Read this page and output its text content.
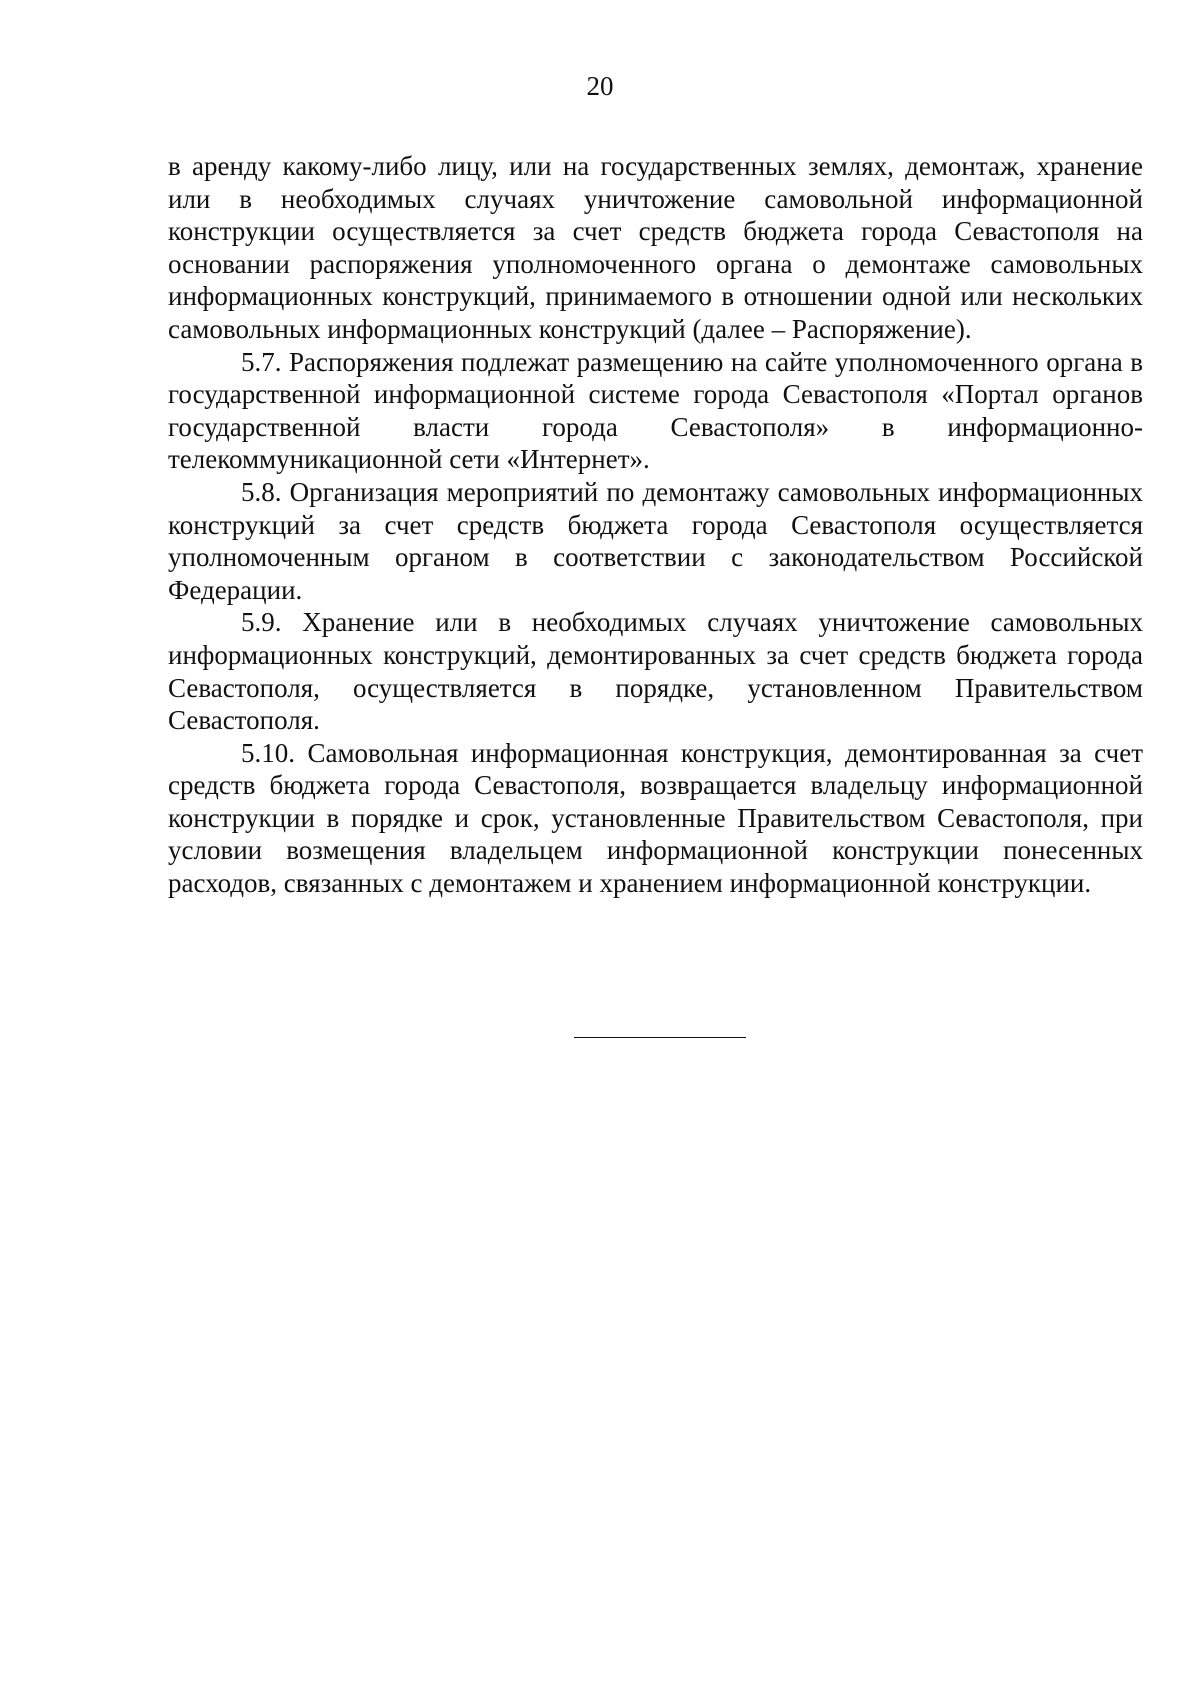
20

в аренду какому-либо лицу, или на государственных землях, демонтаж, хранение или в необходимых случаях уничтожение самовольной информационной конструкции осуществляется за счет средств бюджета города Севастополя на основании распоряжения уполномоченного органа о демонтаже самовольных информационных конструкций, принимаемого в отношении одной или нескольких самовольных информационных конструкций (далее – Распоряжение).

5.7. Распоряжения подлежат размещению на сайте уполномоченного органа в государственной информационной системе города Севастополя «Портал органов государственной власти города Севастополя» в информационно-телекоммуникационной сети «Интернет».

5.8. Организация мероприятий по демонтажу самовольных информационных конструкций за счет средств бюджета города Севастополя осуществляется уполномоченным органом в соответствии с законодательством Российской Федерации.

5.9. Хранение или в необходимых случаях уничтожение самовольных информационных конструкций, демонтированных за счет средств бюджета города Севастополя, осуществляется в порядке, установленном Правительством Севастополя.

5.10. Самовольная информационная конструкция, демонтированная за счет средств бюджета города Севастополя, возвращается владельцу информационной конструкции в порядке и срок, установленные Правительством Севастополя, при условии возмещения владельцем информационной конструкции понесенных расходов, связанных с демонтажем и хранением информационной конструкции.
